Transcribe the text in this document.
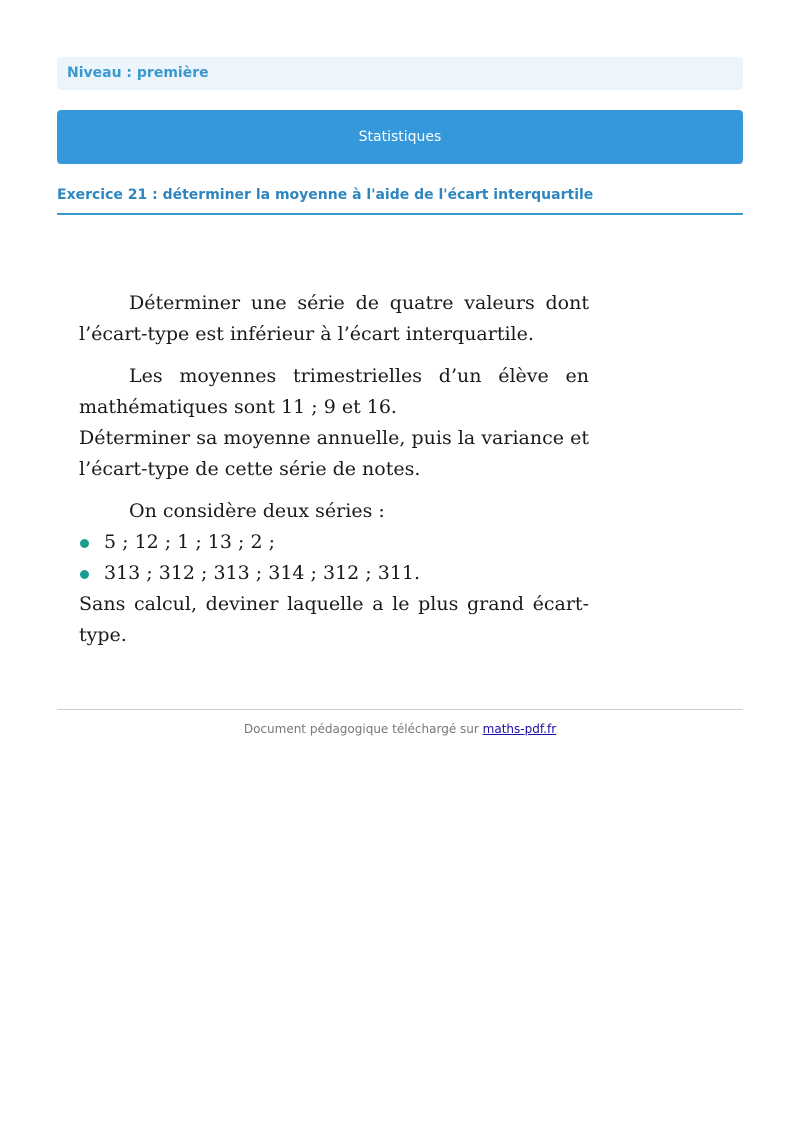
Niveau : première
Statistiques
Exercice 21 : déterminer la moyenne à l'aide de l'écart interquartile

Déterminer une série de quatre valeurs dont l’écart-type est inférieur à l’écart interquartile.

Les moyennes trimestrielles d’un élève en mathématiques sont 11 ; 9 et 16.

Déterminer sa moyenne annuelle, puis la variance et l’écart-type de cette série de notes.

On considère deux séries :

5 ; 12 ; 1 ; 13 ; 2 ;
313 ; 312 ; 313 ; 314 ; 312 ; 311.

Sans calcul, deviner laquelle a le plus grand écart-type.

Document pédagogique téléchargé sur maths-pdf.fr
